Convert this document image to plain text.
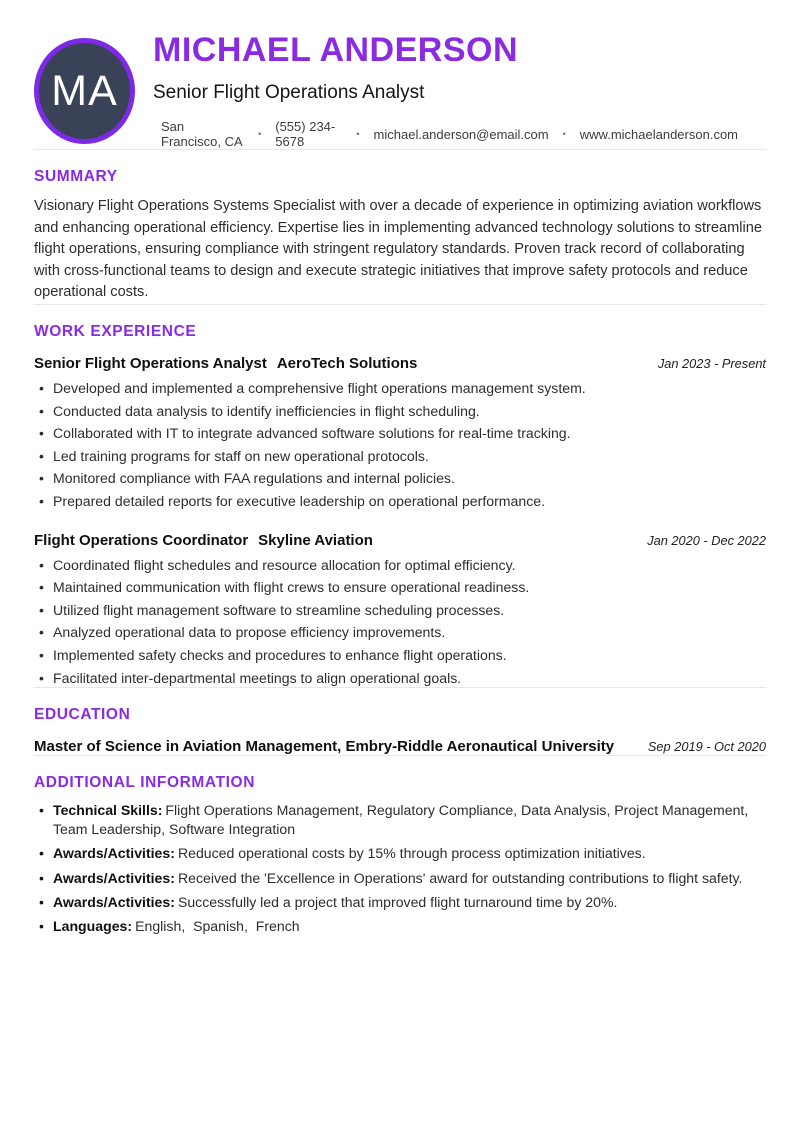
MA
MICHAEL ANDERSON
Senior Flight Operations Analyst
San Francisco, CA • (555) 234-5678	• michael.anderson@email.com • www.michaelanderson.com
SUMMARY

Visionary Flight Operations Systems Specialist with over a decade of experience in optimizing aviation workflows and enhancing operational efficiency. Expertise lies in implementing advanced technology solutions to streamline flight operations, ensuring compliance with stringent regulatory standards. Proven track record of collaborating with cross-functional teams to design and execute strategic initiatives that improve safety protocols and reduce operational costs.

WORK EXPERIENCE
Senior Flight Operations Analyst AeroTech Solutions	Jan 2023 - Present
• Developed and implemented a comprehensive flight operations management system.
• Conducted data analysis to identify inefficiencies in flight scheduling.
• Collaborated with IT to integrate advanced software solutions for real-time tracking.
• Led training programs for staff on new operational protocols.
• Monitored compliance with FAA regulations and internal policies.
• Prepared detailed reports for executive leadership on operational performance.
Flight Operations Coordinator Skyline Aviation	Jan 2020 - Dec 2022
• Coordinated flight schedules and resource allocation for optimal efficiency.
• Maintained communication with flight crews to ensure operational readiness.
• Utilized flight management software to streamline scheduling processes.
• Analyzed operational data to propose efficiency improvements.
• Implemented safety checks and procedures to enhance flight operations.
• Facilitated inter-departmental meetings to align operational goals.
EDUCATION
Master of Science in Aviation Management, Embry-Riddle Aeronautical University	Sep 2019 - Oct 2020
ADDITIONAL INFORMATION
• Technical Skills: Flight Operations Management, Regulatory Compliance, Data Analysis, Project Management, Team Leadership, Software Integration
• Awards/Activities: Reduced operational costs by 15% through process optimization initiatives.
• Awards/Activities: Received the 'Excellence in Operations' award for outstanding contributions to flight safety.
• Awards/Activities: Successfully led a project that improved flight turnaround time by 20%.
• Languages: English,  Spanish,  French
